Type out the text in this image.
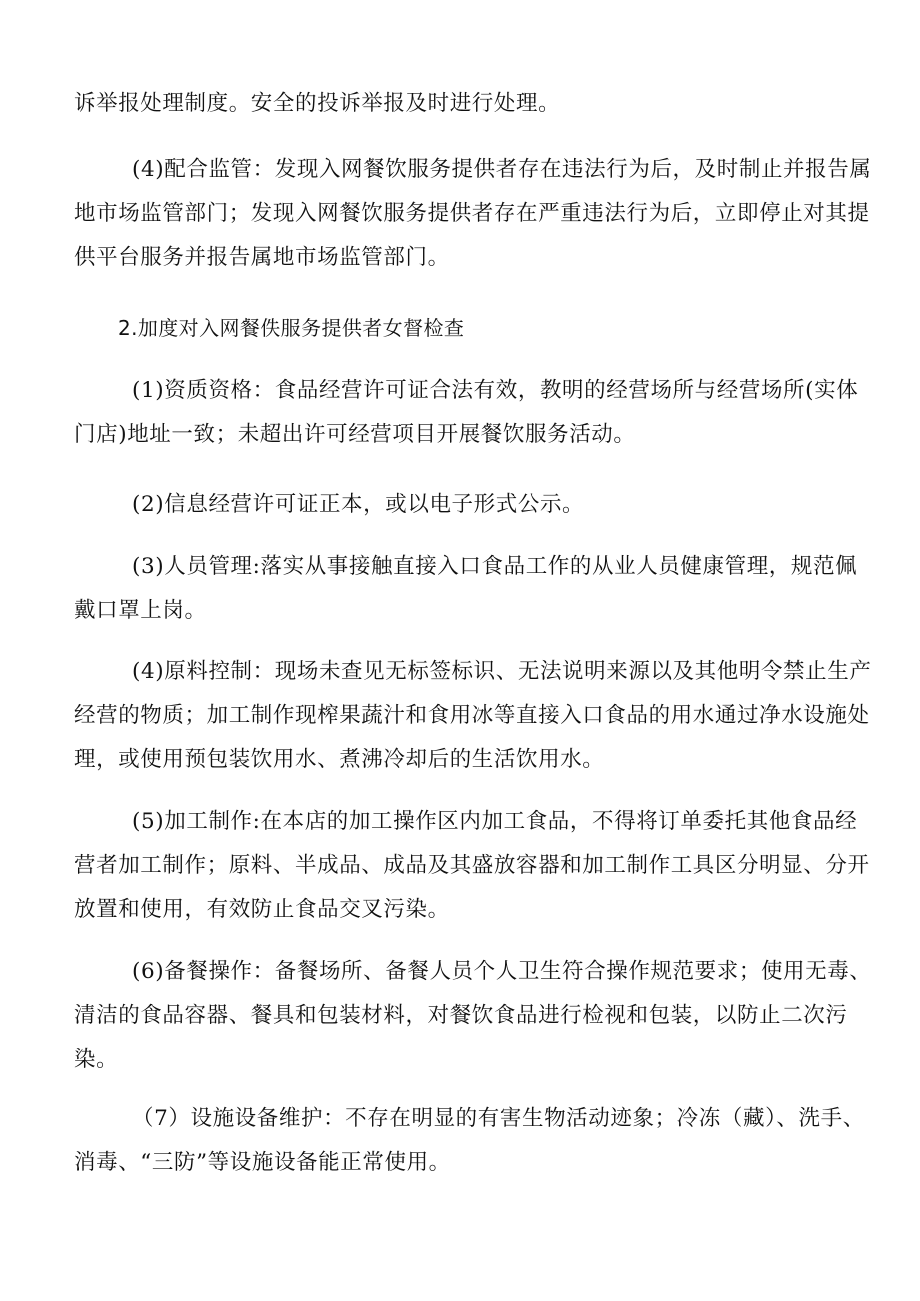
诉举报处理制度。安全的投诉举报及时进行处理。

(4)配合监管：发现入网餐饮服务提供者存在违法行为后，及时制止并报告属地市场监管部门；发现入网餐饮服务提供者存在严重违法行为后，立即停止对其提供平台服务并报告属地市场监管部门。

2.加度对入网餐佚服务提供者女督检查

(1)资质资格：食品经营许可证合法有效，教明的经营场所与经营场所(实体门店)地址一致；未超出许可经营项目开展餐饮服务活动。

(2)信息经营许可证正本，或以电子形式公示。

(3)人员管理:落实从事接触直接入口食品工作的从业人员健康管理，规范佩戴口罩上岗。

(4)原料控制：现场未查见无标签标识、无法说明来源以及其他明令禁止生产经营的物质；加工制作现榨果蔬汁和食用冰等直接入口食品的用水通过净水设施处理，或使用预包装饮用水、煮沸冷却后的生活饮用水。

(5)加工制作:在本店的加工操作区内加工食品，不得将订单委托其他食品经营者加工制作；原料、半成品、成品及其盛放容器和加工制作工具区分明显、分开放置和使用，有效防止食品交叉污染。

(6)备餐操作：备餐场所、备餐人员个人卫生符合操作规范要求；使用无毒、清洁的食品容器、餐具和包装材料，对餐饮食品进行检视和包装，以防止二次污染。

（7）设施设备维护：不存在明显的有害生物活动迹象；冷冻（藏）、洗手、消毒、“三防”等设施设备能正常使用。
